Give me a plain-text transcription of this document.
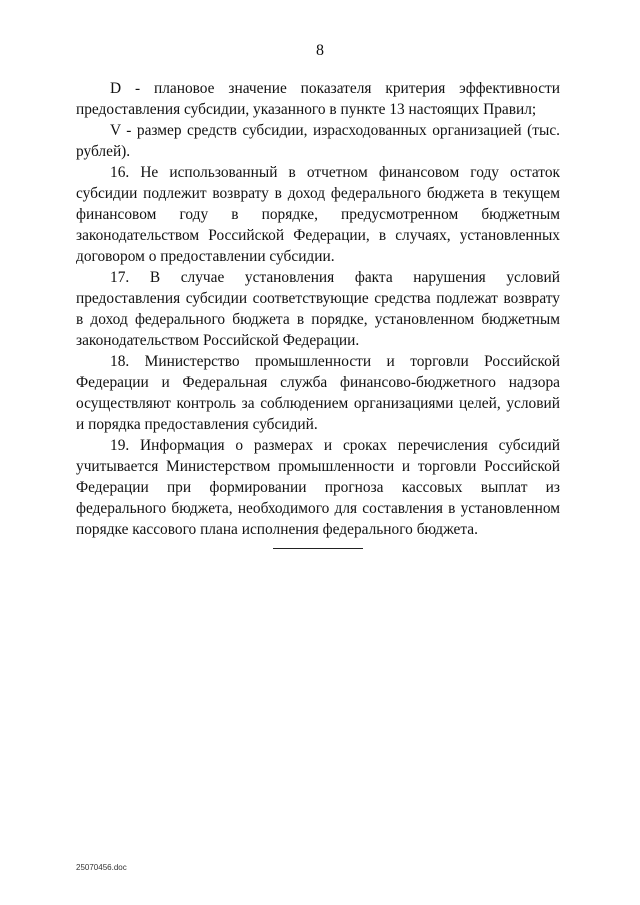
8

D - плановое значение показателя критерия эффективности предоставления субсидии, указанного в пункте 13 настоящих Правил;

V - размер средств субсидии, израсходованных организацией (тыс. рублей).

16. Не использованный в отчетном финансовом году остаток субсидии подлежит возврату в доход федерального бюджета в текущем финансовом году в порядке, предусмотренном бюджетным законодательством Российской Федерации, в случаях, установленных договором о предоставлении субсидии.

17. В случае установления факта нарушения условий предоставления субсидии соответствующие средства подлежат возврату в доход федерального бюджета в порядке, установленном бюджетным законодательством Российской Федерации.

18. Министерство промышленности и торговли Российской Федерации и Федеральная служба финансово-бюджетного надзора осуществляют контроль за соблюдением организациями целей, условий и порядка предоставления субсидий.

19. Информация о размерах и сроках перечисления субсидий учитывается Министерством промышленности и торговли Российской Федерации при формировании прогноза кассовых выплат из федерального бюджета, необходимого для составления в установленном порядке кассового плана исполнения федерального бюджета.

25070456.doc
